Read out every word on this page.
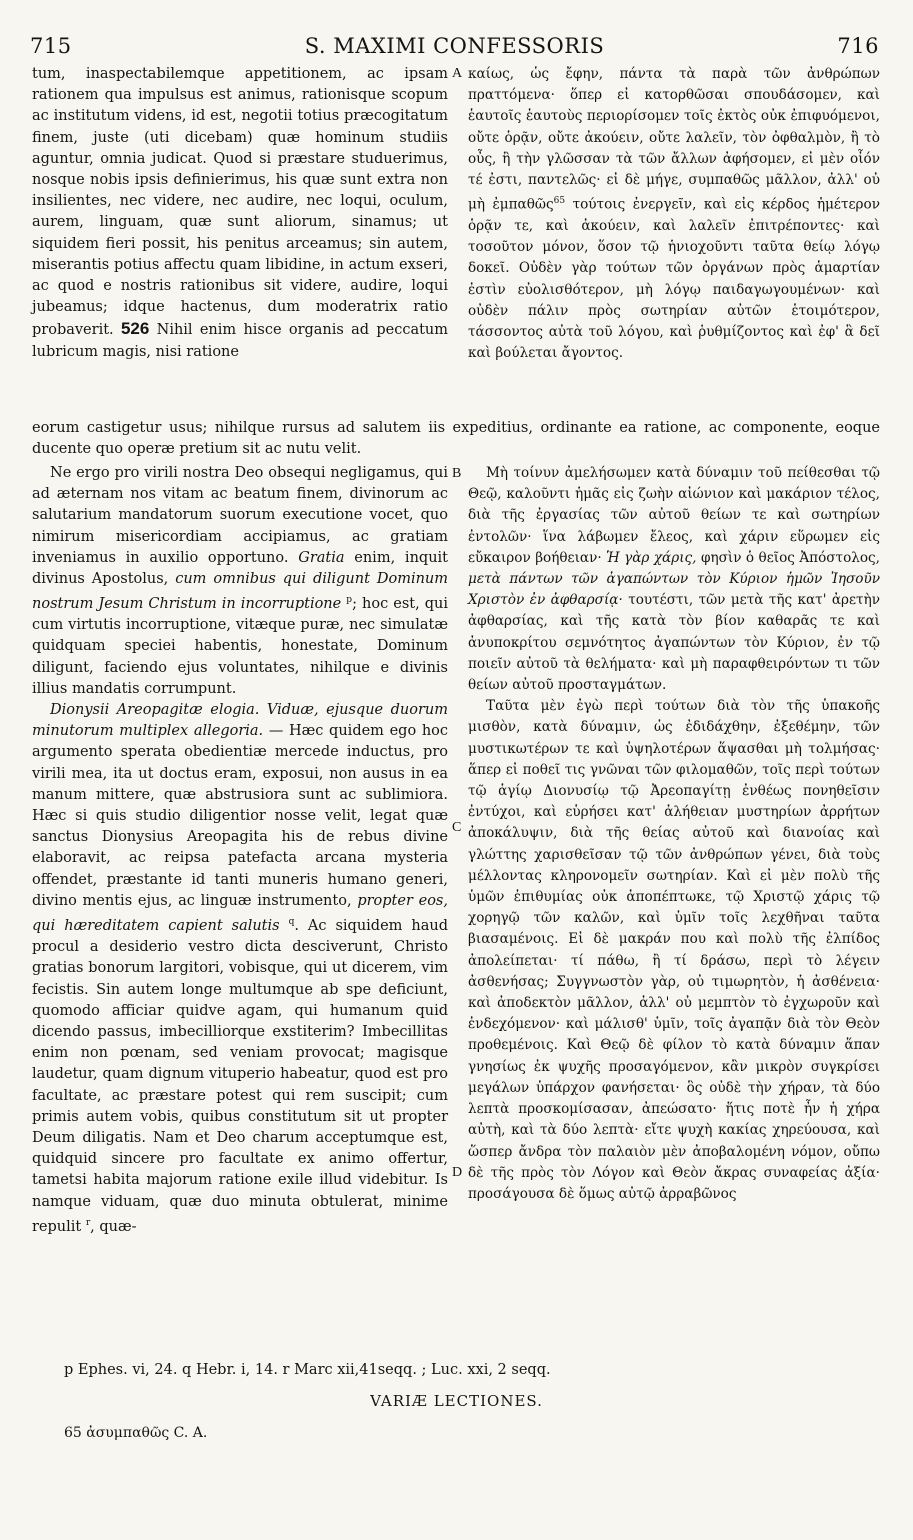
715	S. MAXIMI CONFESSORIS	716
A
B
C
D

tum, inaspectabilemque appetitionem, ac ipsam rationem qua impulsus est animus, rationisque scopum ac institutum videns, id est, negotii totius præcogitatum finem, juste (uti dicebam) quæ hominum studiis aguntur, omnia judicat. Quod si præstare studuerimus, nosque nobis ipsis definierimus, his quæ sunt extra non insilientes, nec videre, nec audire, nec loqui, oculum, aurem, linguam, quæ sunt aliorum, sinamus; ut siquidem fieri possit, his penitus arceamus; sin autem, miserantis potius affectu quam libidine, in actum exseri, ac quod e nostris rationibus sit videre, audire, loqui jubeamus; idque hactenus, dum moderatrix ratio probaverit. 526 Nihil enim hisce organis ad peccatum lubricum magis, nisi ratione

καίως, ὡς ἔφην, πάντα τὰ παρὰ τῶν ἀνθρώπων πραττόμενα· ὅπερ εἰ κατορθῶσαι σπουδάσομεν, καὶ ἑαυτοῖς ἑαυτοὺς περιορίσομεν τοῖς ἐκτὸς οὐκ ἐπιφυόμενοι, οὔτε ὁρᾷν, οὔτε ἀκούειν, οὔτε λαλεῖν, τὸν ὀφθαλμὸν, ἢ τὸ οὖς, ἢ τὴν γλῶσσαν τὰ τῶν ἄλλων ἀφήσομεν, εἰ μὲν οἷόν τέ ἐστι, παντελῶς· εἰ δὲ μήγε, συμπαθῶς μᾶλλον, ἀλλ' οὐ μὴ ἐμπαθῶς$^{65}$ τούτοις ἐνεργεῖν, καὶ εἰς κέρδος ἡμέτερον ὁρᾷν τε, καὶ ἀκούειν, καὶ λαλεῖν ἐπιτρέποντες· καὶ τοσοῦτον μόνον, ὅσον τῷ ἡνιοχοῦντι ταῦτα θείῳ λόγῳ δοκεῖ. Οὐδὲν γὰρ τούτων τῶν ὀργάνων πρὸς ἁμαρτίαν ἐστὶν εὐολισθότερον, μὴ λόγῳ παιδαγωγουμένων· καὶ οὐδὲν πάλιν πρὸς σωτηρίαν αὐτῶν ἑτοιμότερον, τάσσοντος αὐτὰ τοῦ λόγου, καὶ ῥυθμίζοντος καὶ ἐφ' ἃ δεῖ καὶ βούλεται ἄγοντος.

eorum castigetur usus; nihilque rursus ad salutem iis expeditius, ordinante ea ratione, ac componente, eoque ducente quo operæ pretium sit ac nutu velit.

Ne ergo pro virili nostra Deo obsequi negligamus, qui ad æternam nos vitam ac beatum finem, divinorum ac salutarium mandatorum suorum executione vocet, quo nimirum misericordiam accipiamus, ac gratiam inveniamus in auxilio opportuno. Gratia enim, inquit divinus Apostolus, cum omnibus qui diligunt Dominum nostrum Jesum Christum in incorruptione $^p$; hoc est, qui cum virtutis incorruptione, vitæque puræ, nec simulatæ quidquam speciei habentis, honestate, Dominum diligunt, faciendo ejus voluntates, nihilque e divinis illius mandatis corrumpunt.

Dionysii Areopagitæ elogia. Viduæ, ejusque duorum minutorum multiplex allegoria. — Hæc quidem ego hoc argumento sperata obedientiæ mercede inductus, pro virili mea, ita ut doctus eram, exposui, non ausus in ea manum mittere, quæ abstrusiora sunt ac sublimiora. Hæc si quis studio diligentior nosse velit, legat quæ sanctus Dionysius Areopagita his de rebus divine elaboravit, ac reipsa patefacta arcana mysteria offendet, præstante id tanti muneris humano generi, divino mentis ejus, ac linguæ instrumento, propter eos, qui hæreditatem capient salutis $^q$. Ac siquidem haud procul a desiderio vestro dicta desciverunt, Christo gratias bonorum largitori, vobisque, qui ut dicerem, vim fecistis. Sin autem longe multumque ab spe deficiunt, quomodo afficiar quidve agam, qui humanum quid dicendo passus, imbecilliorque exstiterim? Imbecillitas enim non pœnam, sed veniam provocat; magisque laudetur, quam dignum vituperio habeatur, quod est pro facultate, ac præstare potest qui rem suscipit; cum primis autem vobis, quibus constitutum sit ut propter Deum diligatis. Nam et Deo charum acceptumque est, quidquid sincere pro facultate ex animo offertur, tametsi habita majorum ratione exile illud videbitur. Is namque viduam, quæ duo minuta obtulerat, minime repulit $^r$, quæ-

Μὴ τοίνυν ἀμελήσωμεν κατὰ δύναμιν τοῦ πείθεσθαι τῷ Θεῷ, καλοῦντι ἡμᾶς εἰς ζωὴν αἰώνιον καὶ μακάριον τέλος, διὰ τῆς ἐργασίας τῶν αὐτοῦ θείων τε καὶ σωτηρίων ἐντολῶν· ἵνα λάβωμεν ἔλεος, καὶ χάριν εὕρωμεν εἰς εὔκαιρον βοήθειαν· Ἡ γὰρ χάρις, φησὶν ὁ θεῖος Ἀπόστολος, μετὰ πάντων τῶν ἀγαπώντων τὸν Κύριον ἡμῶν Ἰησοῦν Χριστὸν ἐν ἀφθαρσίᾳ· τουτέστι, τῶν μετὰ τῆς κατ' ἀρετὴν ἀφθαρσίας, καὶ τῆς κατὰ τὸν βίον καθαρᾶς τε καὶ ἀνυποκρίτου σεμνότητος ἀγαπώντων τὸν Κύριον, ἐν τῷ ποιεῖν αὐτοῦ τὰ θελήματα· καὶ μὴ παραφθειρόντων τι τῶν θείων αὐτοῦ προσταγμάτων.

Ταῦτα μὲν ἐγὼ περὶ τούτων διὰ τὸν τῆς ὑπακοῆς μισθὸν, κατὰ δύναμιν, ὡς ἐδιδάχθην, ἐξεθέμην, τῶν μυστικωτέρων τε καὶ ὑψηλοτέρων ἅψασθαι μὴ τολμήσας· ἅπερ εἰ ποθεῖ τις γνῶναι τῶν φιλομαθῶν, τοῖς περὶ τούτων τῷ ἁγίῳ Διονυσίῳ τῷ Ἀρεοπαγίτῃ ἐνθέως πονηθεῖσιν ἐντύχοι, καὶ εὑρήσει κατ' ἀλήθειαν μυστηρίων ἀρρήτων ἀποκάλυψιν, διὰ τῆς θείας αὐτοῦ καὶ διανοίας καὶ γλώττης χαρισθεῖσαν τῷ τῶν ἀνθρώπων γένει, διὰ τοὺς μέλλοντας κληρονομεῖν σωτηρίαν. Καὶ εἰ μὲν πολὺ τῆς ὑμῶν ἐπιθυμίας οὐκ ἀποπέπτωκε, τῷ Χριστῷ χάρις τῷ χορηγῷ τῶν καλῶν, καὶ ὑμῖν τοῖς λεχθῆναι ταῦτα βιασαμένοις. Εἰ δὲ μακράν που καὶ πολὺ τῆς ἐλπίδος ἀπολείπεται· τί πάθω, ἢ τί δράσω, περὶ τὸ λέγειν ἀσθενήσας; Συγγνωστὸν γὰρ, οὐ τιμωρητὸν, ἡ ἀσθένεια· καὶ ἀποδεκτὸν μᾶλλον, ἀλλ' οὐ μεμπτὸν τὸ ἐγχωροῦν καὶ ἐνδεχόμενον· καὶ μάλισθ' ὑμῖν, τοῖς ἀγαπᾷν διὰ τὸν Θεὸν προθεμένοις. Καὶ Θεῷ δὲ φίλον τὸ κατὰ δύναμιν ἅπαν γνησίως ἐκ ψυχῆς προσαγόμενον, κἂν μικρὸν συγκρίσει μεγάλων ὑπάρχον φανήσεται· ὃς οὐδὲ τὴν χήραν, τὰ δύο λεπτὰ προσκομίσασαν, ἀπεώσατο· ἥτις ποτὲ ἦν ἡ χήρα αὐτὴ, καὶ τὰ δύο λεπτὰ· εἴτε ψυχὴ κακίας χηρεύουσα, καὶ ὥσπερ ἄνδρα τὸν παλαιὸν μὲν ἀποβαλομένη νόμον, οὔπω δὲ τῆς πρὸς τὸν Λόγον καὶ Θεὸν ἄκρας συναφείας ἀξία· προσάγουσα δὲ ὅμως αὐτῷ ἀρραβῶνος

p Ephes. vi, 24. q Hebr. i, 14. r Marc xii,41seqq. ; Luc. xxi, 2 seqq.
VARIÆ LECTIONES.
65 ἀσυμπαθῶς C. A.
